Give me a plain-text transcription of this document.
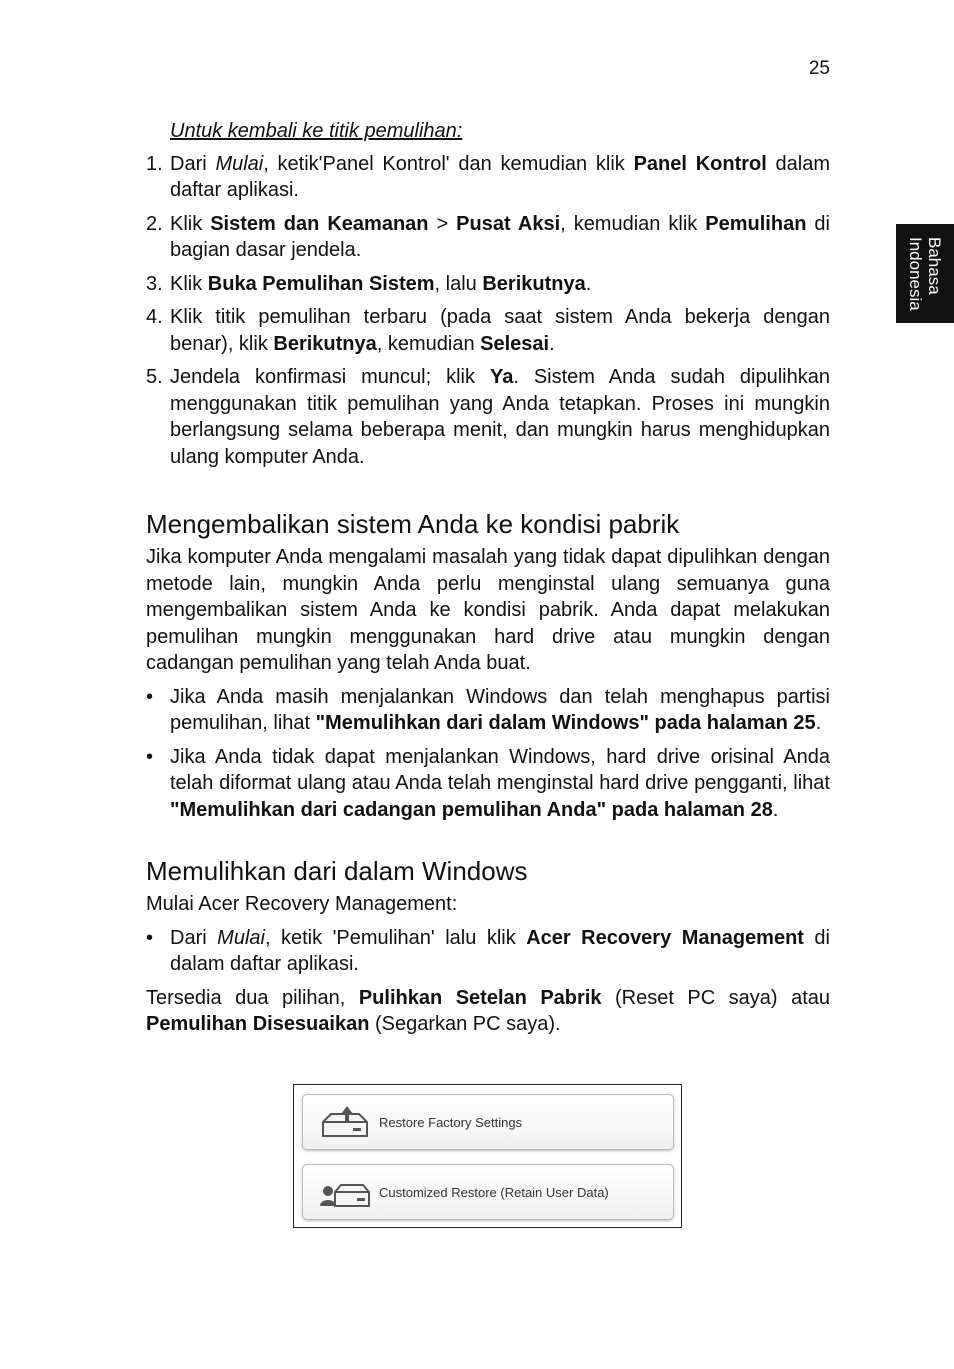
25
Bahasa
Indonesia
Untuk kembali ke titik pemulihan:
1. Dari Mulai, ketik'Panel Kontrol' dan kemudian klik Panel Kontrol dalam daftar aplikasi.
2. Klik Sistem dan Keamanan > Pusat Aksi, kemudian klik Pemulihan di bagian dasar jendela.
3. Klik Buka Pemulihan Sistem, lalu Berikutnya.
4. Klik titik pemulihan terbaru (pada saat sistem Anda bekerja dengan benar), klik Berikutnya, kemudian Selesai.
5. Jendela konfirmasi muncul; klik Ya. Sistem Anda sudah dipulihkan menggunakan titik pemulihan yang Anda tetapkan. Proses ini mungkin berlangsung selama beberapa menit, dan mungkin harus menghidupkan ulang komputer Anda.
Mengembalikan sistem Anda ke kondisi pabrik

Jika komputer Anda mengalami masalah yang tidak dapat dipulihkan dengan metode lain, mungkin Anda perlu menginstal ulang semuanya guna mengembalikan sistem Anda ke kondisi pabrik. Anda dapat melakukan pemulihan mungkin menggunakan hard drive atau mungkin dengan cadangan pemulihan yang telah Anda buat.

• Jika Anda masih menjalankan Windows dan telah menghapus partisi pemulihan, lihat "Memulihkan dari dalam Windows" pada halaman 25.
• Jika Anda tidak dapat menjalankan Windows, hard drive orisinal Anda telah diformat ulang atau Anda telah menginstal hard drive pengganti, lihat "Memulihkan dari cadangan pemulihan Anda" pada halaman 28.
Memulihkan dari dalam Windows

Mulai Acer Recovery Management:

• Dari Mulai, ketik 'Pemulihan' lalu klik Acer Recovery Management di dalam daftar aplikasi.

Tersedia dua pilihan, Pulihkan Setelan Pabrik (Reset PC saya) atau Pemulihan Disesuaikan (Segarkan PC saya).

Restore Factory Settings
Customized Restore (Retain User Data)
